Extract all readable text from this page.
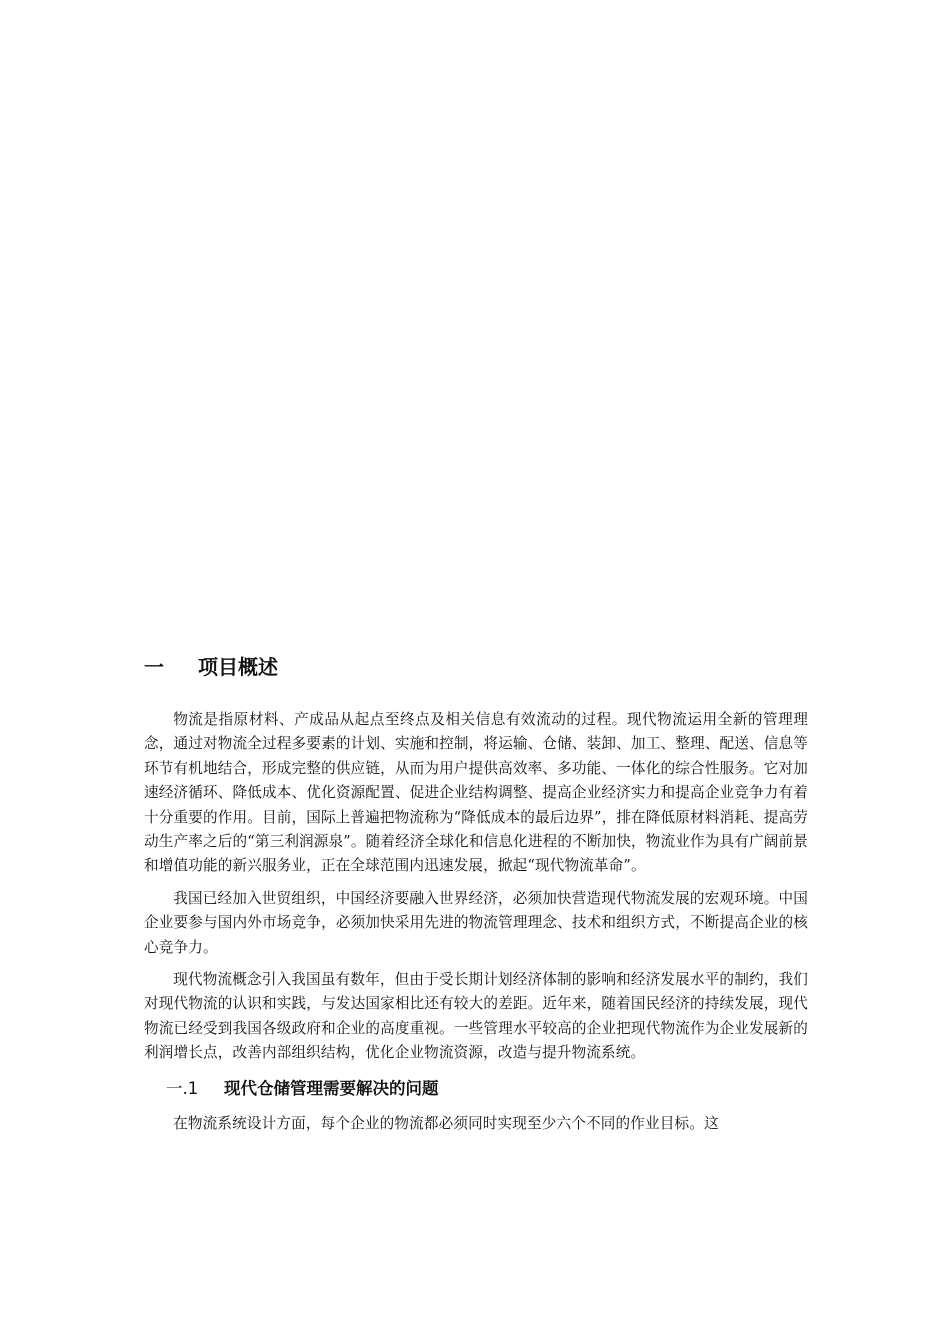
一	项目概述

物流是指原材料、产成品从起点至终点及相关信息有效流动的过程。现代物流运用全新的管理理念，通过对物流全过程多要素的计划、实施和控制，将运输、仓储、装卸、加工、整理、配送、信息等环节有机地结合，形成完整的供应链，从而为用户提供高效率、多功能、一体化的综合性服务。它对加速经济循环、降低成本、优化资源配置、促进企业结构调整、提高企业经济实力和提高企业竞争力有着十分重要的作用。目前，国际上普遍把物流称为“降低成本的最后边界”，排在降低原材料消耗、提高劳动生产率之后的“第三利润源泉”。随着经济全球化和信息化进程的不断加快，物流业作为具有广阔前景和增值功能的新兴服务业，正在全球范围内迅速发展，掀起“现代物流革命”。

我国已经加入世贸组织，中国经济要融入世界经济，必须加快营造现代物流发展的宏观环境。中国企业要参与国内外市场竞争，必须加快采用先进的物流管理理念、技术和组织方式，不断提高企业的核心竞争力。

现代物流概念引入我国虽有数年，但由于受长期计划经济体制的影响和经济发展水平的制约，我们对现代物流的认识和实践，与发达国家相比还有较大的差距。近年来，随着国民经济的持续发展，现代物流已经受到我国各级政府和企业的高度重视。一些管理水平较高的企业把现代物流作为企业发展新的利润增长点，改善内部组织结构，优化企业物流资源，改造与提升物流系统。

一.1	现代仓储管理需要解决的问题

在物流系统设计方面，每个企业的物流都必须同时实现至少六个不同的作业目标。这
